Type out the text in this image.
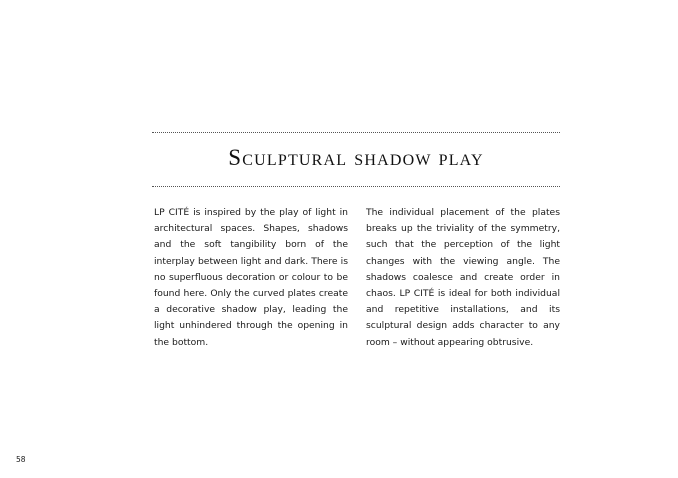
Sculptural shadow play

LP CITÉ is inspired by the play of light in architectural spaces. Shapes, shadows and the soft tangibility born of the interplay between light and dark. There is no superfluous decoration or colour to be found here. Only the curved plates create a decorative shadow play, leading the light unhindered through the opening in the bottom.

The individual placement of the plates breaks up the triviality of the symmetry, such that the perception of the light changes with the viewing angle. The shadows coalesce and create order in chaos. LP CITÉ is ideal for both individual and repetitive installations, and its sculptural design adds character to any room – without appearing obtrusive.

58
